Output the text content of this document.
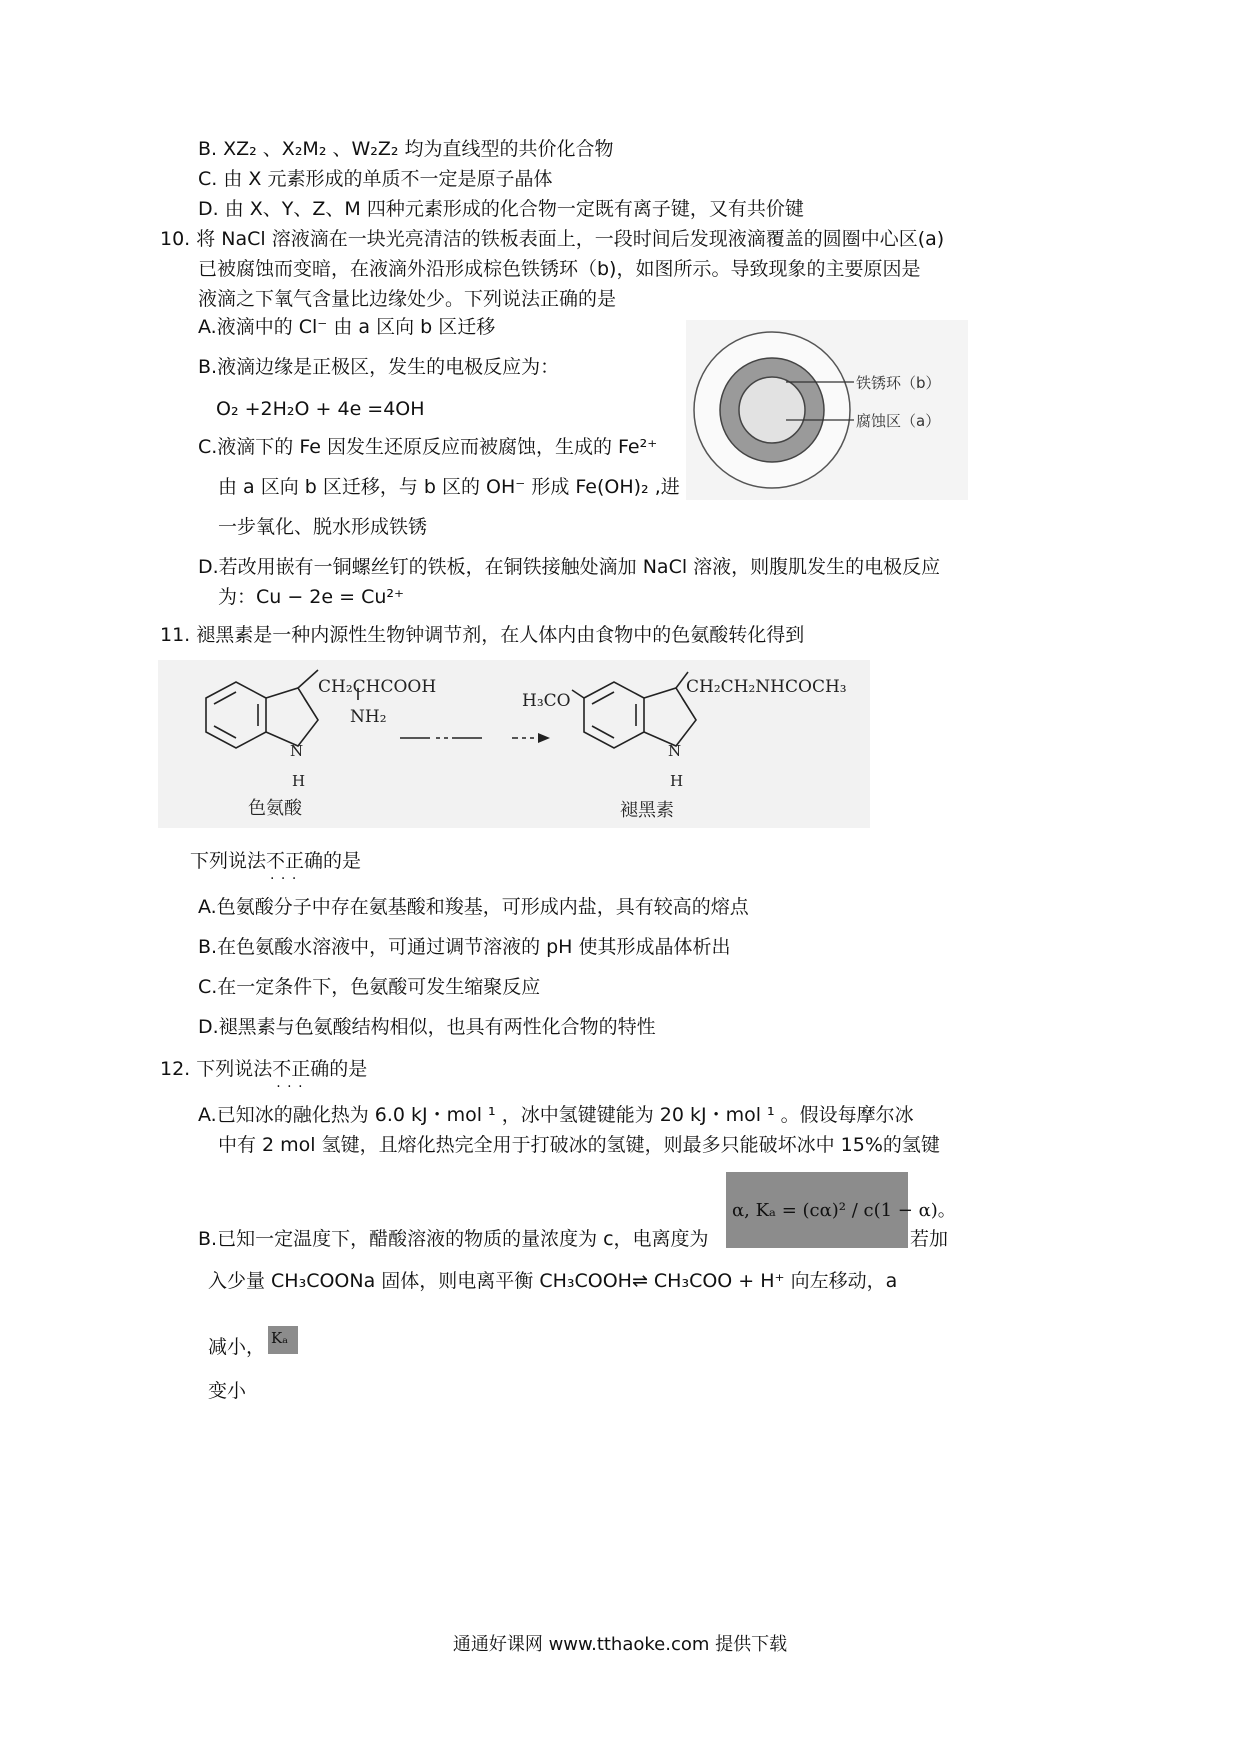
B. XZ₂ 、X₂M₂ 、W₂Z₂ 均为直线型的共价化合物
C. 由 X 元素形成的单质不一定是原子晶体
D. 由 X、Y、Z、M 四种元素形成的化合物一定既有离子键，又有共价键
10. 将 NaCl 溶液滴在一块光亮清洁的铁板表面上，一段时间后发现液滴覆盖的圆圈中心区(a)
已被腐蚀而变暗，在液滴外沿形成棕色铁锈环（b)，如图所示。导致现象的主要原因是
液滴之下氧气含量比边缘处少。下列说法正确的是
A.液滴中的 Cl⁻ 由 a 区向 b 区迁移
B.液滴边缘是正极区，发生的电极反应为：
O₂ +2H₂O + 4e =4OH
C.液滴下的 Fe 因发生还原反应而被腐蚀，生成的 Fe²⁺
由 a 区向 b 区迁移，与 b 区的 OH⁻ 形成 Fe(OH)₂ ,进
一步氧化、脱水形成铁锈
D.若改用嵌有一铜螺丝钉的铁板，在铜铁接触处滴加 NaCl 溶液，则腹肌发生的电极反应
为：Cu − 2e = Cu²⁺
铁锈环（b）
腐蚀区（a）
11. 褪黑素是一种内源性生物钟调节剂，在人体内由食物中的色氨酸转化得到
CH₂CHCOOH
NH₂
N
H
色氨酸
H₃CO
CH₂CH₂NHCOCH₃
N
H
褪黑素
下列说法不正确 · · ·的是
A.色氨酸分子中存在氨基酸和羧基，可形成内盐，具有较高的熔点
B.在色氨酸水溶液中，可通过调节溶液的 pH 使其形成晶体析出
C.在一定条件下，色氨酸可发生缩聚反应
D.褪黑素与色氨酸结构相似，也具有两性化合物的特性
12. 下列说法不正确 · · ·的是
A.已知冰的融化热为 6.0 kJ・mol ¹ ，冰中氢键键能为 20 kJ・mol ¹ 。假设每摩尔冰
中有 2 mol 氢键，且熔化热完全用于打破冰的氢键，则最多只能破坏冰中 15%的氢键
B.已知一定温度下，醋酸溶液的物质的量浓度为 c，电离度为
α, Kₐ = (cα)² / c(1 − α)。
若加
入少量 CH₃COONa 固体，则电离平衡 CH₃COOH⇌ CH₃COO + H⁺ 向左移动，a
减小， Kₐ
变小
通通好课网 www.tthaoke.com 提供下载
